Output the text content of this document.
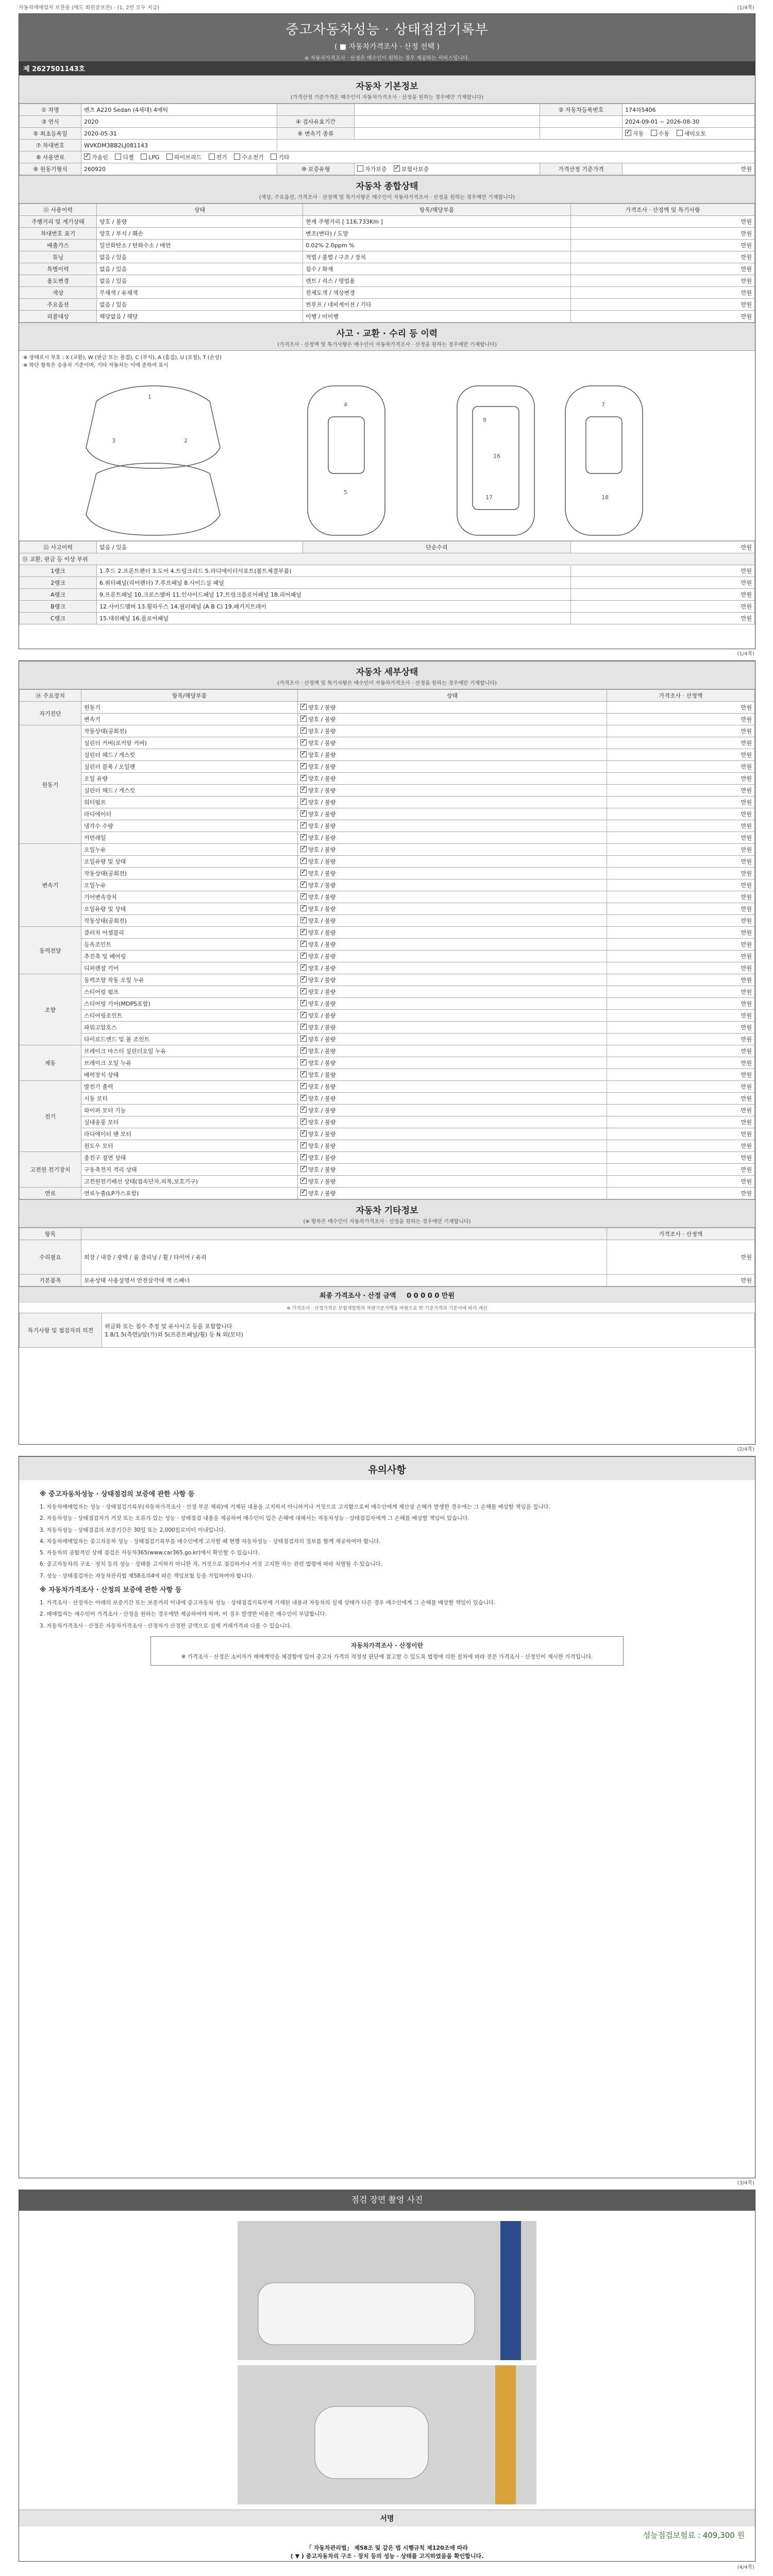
자동차매매업자 보관용 (매도 회원증보관) - (1, 2번 모두 지급)	(1/4쪽)
중고자동차성능 · 상태점검기록부
( ■ 자동차가격조사 · 산정 선택 )
※ 자동차가격조사 · 산정은 매수인이 원하는 경우 제공하는 서비스입니다.
제 2627501143호
자동차 기본정보
(가격산정 기준가격은 매수인이 자동차가격조사 · 산정을 원하는 경우에만 기재합니다)
① 차명	벤츠 A220 Sedan (4세대) 4매틱			② 자동차등록번호	174하5406
③ 연식	2020	④ 검사유효기간			2024-09-01 ~ 2026-08-30
⑤ 최초등록일	2020-05-31	⑥ 변속기 종류			✓자동 수동 세미오토
⑦ 차대번호	WVKDM3BB2LJ081143				
⑧ 사용연료	✓가솔린 디젤 LPG 하이브리드 전기 수소전기 기타
⑨ 원동기형식	260920	⑩ 보증유형	자가보증 ✓ 보험사보증	가격산정 기준가격	만원
자동차 종합상태
(색상, 주요옵션, 가격조사 · 산정액 및 특기사항은 매수인이 자동차가격조사 · 산정을 원하는 경우에만 기재합니다)
⑪ 사용이력	상태	항목/해당부품	가격조사 · 산정액 및 특기사항
주행거리 및 계기상태	양호 / 불량	현재 주행거리 [ 116,733Km ]	만원
차대번호 표기	양호 / 부식 / 훼손	변조(변타) / 도말	만원
배출가스	일산화탄소 / 탄화수소 / 매연	0.02% 2.0ppm %	만원
튜닝	없음 / 있음	적법 / 불법 / 구조 / 장치	만원
특별이력	없음 / 있음	침수 / 화재	만원
용도변경	없음 / 있음	렌트 / 리스 / 영업용	만원
색상	무채색 / 유채색	전체도색 / 색상변경	만원
주요옵션	없음 / 있음	썬루프 / 네비게이션 / 기타	만원
리콜대상	해당없음 / 해당	이행 / 미이행	만원
사고 · 교환 · 수리 등 이력
(가격조사 · 산정액 및 특기사항은 매수인이 자동차가격조사 · 산정을 원하는 경우에만 기재합니다)
※ 상태표시 부호 : X (교환), W (판금 또는 용접), C (부식), A (흠집), U (요철), T (손상)
※ 하단 항목은 승용차 기준이며, 기타 자동차는 이에 준하여 표시
1
2
3
4
5
9
16
17
7
18
⑫ 사고이력	없음 / 있음	단순수리	만원
⑬ 교환, 판금 등 이상 부위			
1랭크	1.후드 2.프론트펜더 3.도어 4.트렁크리드 5.라디에이터서포트(볼트체결부품)		만원
2랭크	6.쿼터패널(리어펜더) 7.루프패널 8.사이드실 패널		만원
A랭크	9.프론트패널 10.크로스멤버 11.인사이드패널 17.트렁크플로어패널 18.리어패널		만원
B랭크	12.사이드멤버 13.휠하우스 14.필러패널 (A B C) 19.패키지트레이		만원
C랭크	15.대쉬패널 16.플로어패널		만원
(1/4쪽)
자동차 세부상태
(가격조사 · 산정액 및 특기사항은 매수인이 자동차가격조사 · 산정을 원하는 경우에만 기재합니다)
⑭ 주요장치	항목/해당부품	상태	가격조사 · 산정액
자기진단	원동기	✓양호 / 불량	만원
	변속기	✓양호 / 불량	만원
원동기	작동상태(공회전)	✓양호 / 불량	만원
	실린더 커버(로커암 커버)	✓양호 / 불량	만원
	실린더 헤드 / 개스킷	✓양호 / 불량	만원
	실린더 블록 / 오일팬	✓양호 / 불량	만원
	오일 유량	✓양호 / 불량	만원
	실린더 헤드 / 개스킷	✓양호 / 불량	만원
	워터펌프	✓양호 / 불량	만원
	라디에이터	✓양호 / 불량	만원
	냉각수 수량	✓양호 / 불량	만원
	커먼레일	✓양호 / 불량	만원
변속기	오일누유	✓양호 / 불량	만원
	오일유량 및 상태	✓양호 / 불량	만원
	작동상태(공회전)	✓양호 / 불량	만원
	오일누유	✓양호 / 불량	만원
	기어변속장치	✓양호 / 불량	만원
	오일유량 및 상태	✓양호 / 불량	만원
	작동상태(공회전)	✓양호 / 불량	만원
동력전달	클러치 어셈블리	✓양호 / 불량	만원
	등속조인트	✓양호 / 불량	만원
	추진축 및 베어링	✓양호 / 불량	만원
	디퍼렌셜 기어	✓양호 / 불량	만원
조향	동력조향 작동 오일 누유	✓양호 / 불량	만원
	스티어링 펌프	✓양호 / 불량	만원
	스티어링 기어(MDPS포함)	✓양호 / 불량	만원
	스티어링조인트	✓양호 / 불량	만원
	파워고압호스	✓양호 / 불량	만원
	타이로드엔드 및 볼 조인트	✓양호 / 불량	만원
제동	브레이크 마스터 실린더오일 누유	✓양호 / 불량	만원
	브레이크 오일 누유	✓양호 / 불량	만원
	배력장치 상태	✓양호 / 불량	만원
전기	발전기 출력	✓양호 / 불량	만원
	시동 모터	✓양호 / 불량	만원
	와이퍼 모터 기능	✓양호 / 불량	만원
	실내송풍 모터	✓양호 / 불량	만원
	라디에이터 팬 모터	✓양호 / 불량	만원
	윈도우 모터	✓양호 / 불량	만원
고전원 전기장치	충전구 절연 상태	✓양호 / 불량	만원
	구동축전지 격리 상태	✓양호 / 불량	만원
	고전원전기배선 상태(접속단자,피복,보호기구)	✓양호 / 불량	만원
연료	연료누출(LP가스포함)	✓양호 / 불량	만원
자동차 기타정보
(※ 항목은 매수인이 자동차가격조사 · 산정을 원하는 경우에만 기재합니다)
항목		가격조사 · 산정액
수리필요	외장 / 내장 / 광택 / 룸 클리닝 / 휠 / 타이어 / 유리	만원
기본품목	보유상태 사용설명서 안전삼각대 잭 스패너	만원
최종 가격조사 · 산정 금액 0 0 0 0 0 만원
※ 가격조사 · 산정가격은 보험개발원의 차량기준가액을 바탕으로 한 기준가격과 기준서에 따라 계산
특기사항 및 점검자의 의견	
위금화 또는 침수 추정 및 유사사고 등을 포함합니다
1.8/1.5(측면)/앞(가)외 5(프론트패널/휠) 등 N 외(모터)
(2/4쪽)
유의사항
※ 중고자동차성능 · 상태점검의 보증에 관한 사항 등

1. 자동차매매업자는 성능 · 상태점검기록부(자동차가격조사 · 산정 부분 제외)에 기재된 내용을 고지하지 아니하거나 거짓으로 고지함으로써 매수인에게 재산상 손해가 발생한 경우에는 그 손해를 배상할 책임을 집니다.

2. 자동차성능 · 상태점검자가 거짓 또는 오류가 있는 성능 · 상태점검 내용을 제공하여 매수인이 입은 손해에 대해서는 자동차성능 · 상태점검자에게 그 손해를 배상할 책임이 있습니다.

3. 자동차성능 · 상태점검의 보증기간은 30일 또는 2,000킬로미터 이내입니다.

4. 자동차매매업자는 중고자동차 성능 · 상태점검기록부를 매수인에게 고지할 때 현행 자동차성능 · 상태점검자의 정보를 함께 제공하여야 합니다.

5. 자동차의 종합적인 상태 점검은 자동차365(www.car365.go.kr)에서 확인할 수 있습니다.

6. 중고자동차의 구조 · 장치 등의 성능 · 상태를 고지하지 아니한 자, 거짓으로 점검하거나 거짓 고지한 자는 관련 법령에 따라 처벌될 수 있습니다.

7. 성능 · 상태점검자는 자동차관리법 제58조의4에 따른 책임보험 등을 가입하여야 합니다.

※ 자동차가격조사 · 산정의 보증에 관한 사항 등

1. 가격조사 · 산정자는 아래의 보증기간 또는 보증거리 이내에 중고자동차 성능 · 상태점검기록부에 기재된 내용과 자동차의 실제 상태가 다른 경우 매수인에게 그 손해를 배상할 책임이 있습니다.

2. 매매업자는 매수인이 가격조사 · 산정을 원하는 경우에만 제공하여야 하며, 이 경우 발생한 비용은 매수인이 부담합니다.

3. 자동차가격조사 · 산정은 자동차가격조사 · 산정자가 산정한 금액으로 실제 거래가격과 다를 수 있습니다.

자동차가격조사 · 산정이란
※ 가격조사 · 산정은 소비자가 매매계약을 체결함에 있어 중고차 가격의 적정성 판단에 참고할 수 있도록 법령에 의한 절차에 따라 전문 가격조사 · 산정인이 제시한 가격입니다.
(3/4쪽)
점검 장면 촬영 사진
서명
성능점검보험료 : 409,300 원
「 자동차관리법」 제58조 및 같은 법 시행규칙 제120조에 따라
( ▼ ) 중고자동차의 구조 · 장치 등의 성능 · 상태를 고지하였음을 확인합니다.
(4/4쪽)
